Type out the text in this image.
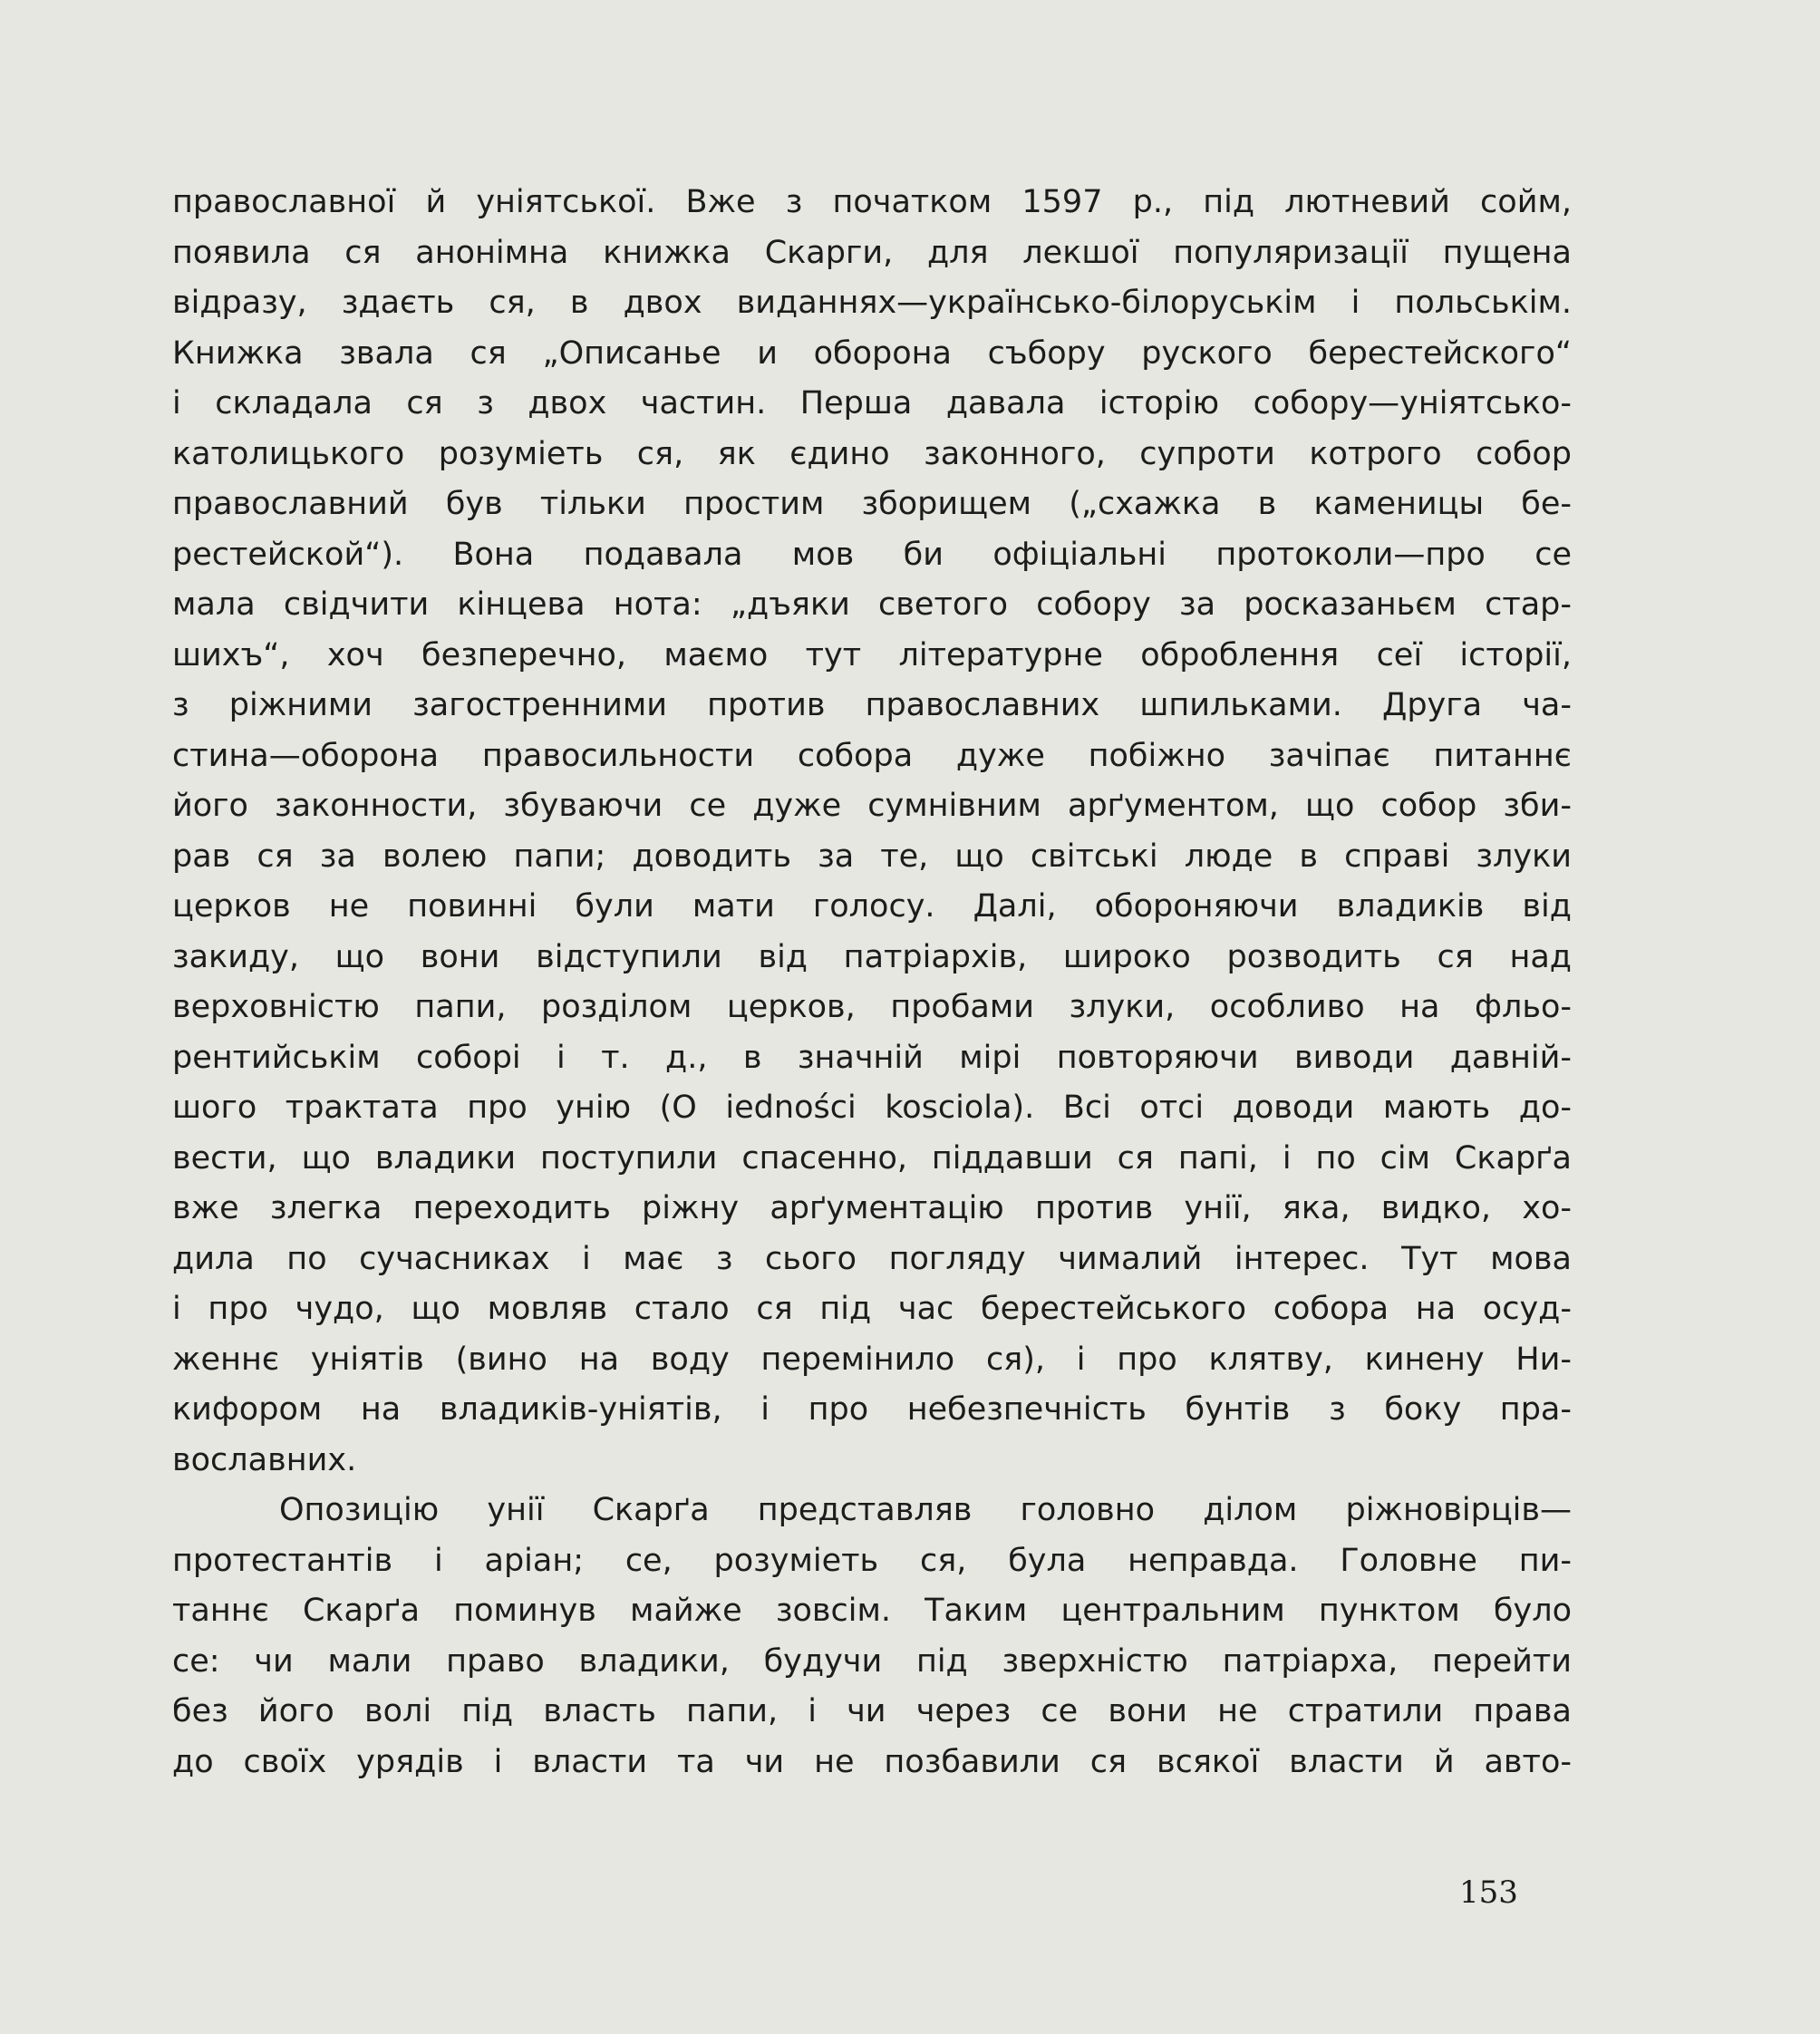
православної й уніятської. Вже з початком 1597 р., під лютневий сойм,
появила ся анонімна книжка Скарги, для лекшої популяризації пущена
відразу, здаєть ся, в двох виданнях—українсько-білоруськім і польськім.
Книжка звала ся „Описанье и оборона събору руского берестейского“
і складала ся з двох частин. Перша давала історію собору—уніятсько-
католицького розуміеть ся, як єдино законного, супроти котрого собор
православний був тільки простим зборищем („схажка в каменицы бе-
рестейской“). Вона подавала мов би офіціальні протоколи—про се
мала свідчити кінцева нота: „дъяки светого собору за росказаньєм стар-
шихъ“, хоч безперечно, маємо тут літературне оброблення сеї історії,
з ріжними загостренними против православних шпильками. Друга ча-
стина—оборона правосильности собора дуже побіжно зачіпає питаннє
його законности, збуваючи се дуже сумнівним арґументом, що собор зби-
рав ся за волею папи; доводить за те, що світські люде в справі злуки
церков не повинні були мати голосу. Далі, обороняючи владиків від
закиду, що вони відступили від патріархів, широко розводить ся над
верховністю папи, розділом церков, пробами злуки, особливо на фльо-
рентийськім соборі і т. д., в значній мірі повторяючи виводи давній-
шого трактата про унію (O iedności kosciola). Всі отсі доводи мають до-
вести, що владики поступили спасенно, піддавши ся папі, і по сім Скарґа
вже злегка переходить ріжну арґументацію против унії, яка, видко, хо-
дила по сучасниках і має з сього погляду чималий інтерес. Тут мова
і про чудо, що мовляв стало ся під час берестейського собора на осуд-
женнє уніятів (вино на воду перемінило ся), і про клятву, кинену Ни-
кифором на владиків-уніятів, і про небезпечність бунтів з боку пра-
вославних.
Опозицію унії Скарґа представляв головно ділом ріжновірців—
протестантів і аріан; се, розуміеть ся, була неправда. Головне пи-
таннє Скарґа поминув майже зовсім. Таким центральним пунктом було
се: чи мали право владики, будучи під зверхністю патріарха, перейти
без його волі під власть папи, і чи через се вони не стратили права
до своїх урядів і власти та чи не позбавили ся всякої власти й авто-
153
